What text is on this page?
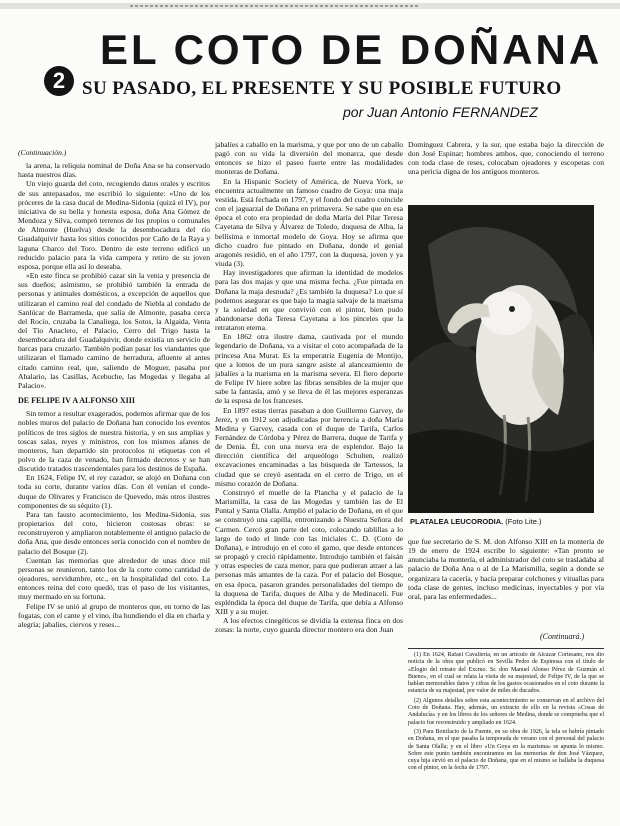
EL COTO DE DOÑANA
2 SU PASADO, EL PRESENTE Y SU POSIBLE FUTURO
por Juan Antonio FERNANDEZ

(Continuación.)

la arena, la reliquia nominal de Doña Ana se ha conservado hasta nuestros días.

Un viejo guarda del coto, recogiendo datos orales y escritos de sus antepasados, me escribió lo siguiente: «Uno de los próceres de la casa ducal de Medina-Sidonia (quizá el IV), por iniciativa de su bella y honesta esposa, doña Ana Gómez de Mendoza y Silva, compró terrenos de los propios o comunales de Almonte (Huelva) desde la desembocadura del río Guadalquivir hasta los sitios conocidos por Caño de la Raya y laguna Charco del Toro. Dentro de este terreno edificó un reducido palacio para la vida campera y retiro de su joven esposa, porque ella así lo deseaba.

»En este finca se prohibió cazar sin la venia y presencia de sus dueños; asimismo, se prohibió también la entrada de personas y animales domésticos, a excepción de aquellos que utilizaran el camino real del condado de Niebla al condado de Sanlúcar de Barrameda, que salía de Almonte, pasaba cerca del Rocío, cruzaba la Canaliega, los Sotos, la Algaida, Venta del Tío Anacleto, el Palacio, Cerro del Trigo hasta la desembocadura del Guadalquivir, donde existía un servicio de barcas para cruzarlo. También podían pasar los viandantes que utilizaran el llamado camino de herradura, afluente al antes citado camino real, que, saliendo de Moguer, pasaba por Abalario, las Casillas, Acebuche, las Mogedas y llegaba al Palacio».

DE FELIPE IV A ALFONSO XIII

Sin temor a resultar exagerados, podemos afirmar que de los nobles muros del palacio de Doñana han conocido los eventos políticos de tres siglos de nuestra historia, y en sus amplias y toscas salas, reyes y ministros, con los mismos afanes de monteros, han departido sin protocolos ni etiquetas con el polvo de la caza de venado, han firmado decretos y se han discutido tratados trascendentales para los destinos de España.

En 1624, Felipe IV, el rey cazador, se alojó en Doñana con toda su corte, durante varios días. Con él venían el conde-duque de Olivares y Francisco de Quevedo, más otros ilustres componentes de su séquito (1).

Para tan fausto acontecimiento, los Medina-Sidonia, sus propietarios del coto, hicieron costosas obras: se reconstruyeron y ampliaron notablemente el antiguo palacio de doña Ana, que desde entonces sería conocido con el nombre de palacio del Bosque (2).

Cuentan las memorias que alrededor de unas doce mil personas se reunieron, tanto los de la corte como cantidad de ojeadores, servidumbre, etc., en la hospitalidad del coto. La entonces reina del coto quedó, tras el paso de los visitantes, muy mermado en su fortuna.

Felipe IV se unió al grupo de monteros que, en torno de las fogatas, con el cante y el vino, iba hundiendo el día en charla y alegría; jabalíes, ciervos y reses...

jabalíes a caballo en la marisma, y que por uno de un caballo pagó con su vida la diversión del monarca, que desde entonces se hizo el paseo fuerte entre las modalidades monteras de Doñana.

En la Hispanic Society of América, de Nueva York, se encuentra actualmente un famoso cuadro de Goya: una maja vestida. Está fechada en 1797, y el fondo del cuadro coincide con el jaguarzal de Doñana en primavera. Se sabe que en esa época el coto era propiedad de doña María del Pilar Teresa Cayetana de Silva y Álvarez de Toledo, duquesa de Alba, la bellísima e inmortal modelo de Goya. Hoy se afirma que dicho cuadro fue pintado en Doñana, donde el genial aragonés residió, en el año 1797, con la duquesa, joven y ya viuda (3).

Hay investigadores que afirman la identidad de modelos para las dos majas y que una misma fecha. ¿Fue pintada en Doñana la maja desnuda? ¿Es también la duquesa? Lo que sí podemos asegurar es que bajo la magia salvaje de la marisma y la soledad en que convivió con el pintor, bien pudo abandonarse doña Teresa Cayetana a los pinceles que la retrataron eterna.

En 1862 otra ilustre dama, cautivada por el mundo legendario de Doñana, va a visitar el coto acompañada de la princesa Ana Murat. Es la emperatriz Eugenia de Montijo, que a lomos de un pura sangre asiste al alanceamiento de jabalíes a la marisma en la marisma severa. El fiero deporte de Felipe IV hiere sobre las fibras sensibles de la mujer que sabe la fantasía, amó y se lleva de él las mejores esperanzas de la esposa de los franceses.

En 1897 estas tierras pasaban a don Guillermo Garvey, de Jerez, y en 1912 son adjudicadas por herencia a doña María Medina y Garvey, casada con el duque de Tarifa, Carlos Fernández de Córdoba y Pérez de Barrera, duque de Tarifa y de Denia. Él, con una nueva era de esplendor. Bajo la dirección científica del arqueólogo Schulten, realizó excavaciones encaminadas a las búsqueda de Tartessos, la ciudad que se creyó asentada en el cerro de Trigo, en el mismo corazón de Doñana.

Construyó el muelle de la Plancha y el palacio de la Marismilla, la casa de las Mogedas y también las de El Puntal y Santa Olalla. Amplió el palacio de Doñana, en el que se construyó una capilla, entronizando a Nuestra Señora del Carmen. Cercó gran parte del coto, colocando tablillas a lo largo de todo el linde con las iniciales C. D. (Coto de Doñana), e introdujo en el coto el gamo, que desde entonces se propagó y creció rápidamente. Introdujo también el faisán y otras especies de caza menor, para que pudieran atraer a las personas más amantes de la caza. Por el palacio del Bosque, en esa época, pasaron grandes personalidades del tiempo de la duquesa de Tarifa, duques de Alba y de Medinaceli. Fue espléndida la época del duque de Tarifa, que debía a Alfonso XIII y a su mujer.

A los efectos cinegéticos se dividía la extensa finca en dos zonas: la norte, cuyo guarda director montero era don Juan

Domínguez Cabrera, y la sur, que estaba bajo la dirección de don José Espinar; hombres ambos, que, conociendo el terreno con toda clase de reses, colocaban ojeadores y escopetas con una pericia digna de los antiguos monteros.

PLATALEA LEUCORODIA. (Foto Lite.)

que fue secretario de S. M. don Alfonso XIII en la montería de 19 de enero de 1924 escribe lo siguiente: «Tan pronto se anunciaba la montería, el administrador del coto se trasladaba al palacio de Doña Ana o al de La Marismilla, según a donde se organizara la cacería, y hacía preparar colchones y vituallas para toda clase de gentes, incluso medicinas, inyectables y por vía oral, para las enfermedades...

(Continuará.)

(1) En 1624, Rafael Cavalleria, en un artículo de Alcázar Cortesano, nos dio noticia de la obra que publicó en Sevilla Pedro de Espinosa con el título de «Elogio del retrato del Excmo. Sr. don Manuel Alonso Pérez de Guzmán el Bueno», en el cual se relata la visita de su majestad, de Felipe IV, de la que se hablan memorables datos y cifras de los gastos ocasionados en el coto durante la estancia de su majestad, por valor de miles de ducados.

(2) Algunos detalles sobre esta acontecimiento se conservan en el archivo del Coto de Doñana. Hay, además, un extracto de ello en la revista «Cosas de Andalucía» y en los libros de los señores de Medina, donde se comprueba que el palacio fue reconstruido y ampliado en 1624.

(3) Para Bonifacio de la Fuente, en su obra de 1926, la tela se habría pintado en Doñana, en el que pasaba la temporada de verano con el personal del palacio de Santa Olalla; y en el libro «Un Goya en la marisma» se apunta lo mismo. Sobre este punto también encontramos en las memorias de don José Vázquez, cuya hija sirvió en el palacio de Doñana, que en el mismo se hallaba la duquesa con el pintor, en la fecha de 1797.
